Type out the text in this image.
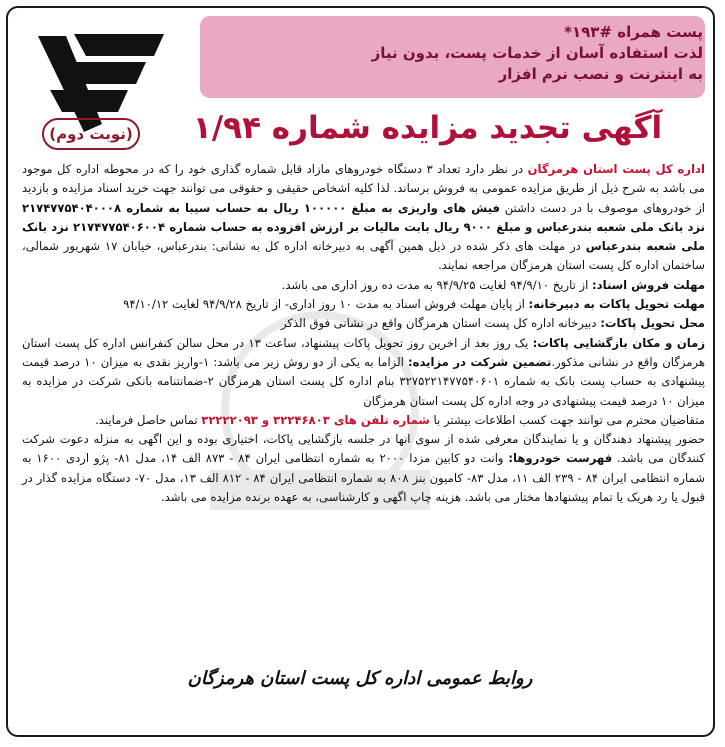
پست همراه #۱۹۳*
لذت استفاده آسان از خدمات پست، بدون نیاز
به اینترنت و نصب نرم افزار
(نوبت دوم)	آگهی تجدید مزایده شماره ۱/۹۴

اداره کل پست استان هرمزگان در نظر دارد تعداد ۳ دستگاه خودروهای مازاد قابل شماره گذاری خود را که در محوطه اداره کل موجود می باشد به شرح ذیل از طریق مزایده عمومی به فروش برساند. لذا کلیه اشخاص حقیقی و حقوقی می توانند جهت خرید اسناد مزایده و بازدید از خودروهای موصوف با در دست داشتن فیش های واریزی به مبلغ ۱۰۰۰۰۰ ریال به حساب سیبا به شماره ۲۱۷۴۷۷۵۴۰۴۰۰۰۸ نزد بانک ملی شعبه بندرعباس و مبلغ ۹۰۰۰ ریال بابت مالیات بر ارزش افزوده به حساب شماره ۲۱۷۴۷۷۵۴۰۶۰۰۴ نزد بانک ملی شعبه بندرعباس در مهلت های ذکر شده در ذیل همین آگهی به دبیرخانه اداره کل به نشانی: بندرعباس، خیابان ۱۷ شهریور شمالی، ساختمان اداره کل پست استان هرمزگان مراجعه نمایند.

مهلت فروش اسناد: از تاریخ ۹۴/۹/۱۰ لغایت ۹۴/۹/۲۵ به مدت ده روز اداری می باشد.

مهلت تحویل پاکات به دبیرخانه: از پایان مهلت فروش اسناد به مدت ۱۰ روز اداری- از تاریخ ۹۴/۹/۲۸ لغایت ۹۴/۱۰/۱۲

محل تحویل پاکات: دبیرخانه اداره کل پست استان هرمزگان واقع در نشانی فوق الذکر

زمان و مکان بازگشایی پاکات: یک روز بعد از اخرین روز تحویل پاکات پیشنهاد، ساعت ۱۳ در محل سالن کنفرانس اداره کل پست استان هرمزگان واقع در نشانی مذکور.تضمین شرکت در مزایده: الزاما به یکی از دو روش زیر می باشد: ۱-واریز نقدی به میزان ۱۰ درصد قیمت پیشنهادی به حساب پست بانک به شماره ۳۲۷۵۲۲۱۴۷۷۵۴۰۶۰۱ بنام اداره کل پست استان هرمزگان ۲-ضمانتنامه بانکی شرکت در مزایده به میزان ۱۰ درصد قیمت پیشنهادی در وجه اداره کل پست استان هرمزگان

متقاضیان محترم می توانند جهت کسب اطلاعات بیشتر با شماره تلفن های ۳۲۲۴۶۸۰۳ و ۳۲۲۲۲۰۹۳ تماس حاصل فرمایند.

حضور پیشنهاد دهندگان و یا نمایندگان معرفی شده از سوی انها در جلسه بازگشایی پاکات، اختیاری بوده و این اگهی به منزله دعوت شرکت کنندگان می باشد. فهرست خودروها: وانت دو کابین مزدا ۲۰۰۰ به شماره انتظامی ایران ۸۴ - ۸۷۳ الف ۱۴، مدل ۸۱- پژو اردی ۱۶۰۰ به شماره انتظامی ایران ۸۴ - ۲۳۹ الف ۱۱، مدل ۸۳- کامیون بنز ۸۰۸ به شماره انتظامی ایران ۸۴ - ۸۱۲ الف ۱۳، مدل ۷۰- دستگاه مزایده گذار در قبول یا رد هریک یا تمام پیشنهادها مختار می باشد. هزینه چاپ اگهی و کارشناسی، به عهده برنده مزایده می باشد.

روابط عمومی اداره کل پست استان هرمزگان
